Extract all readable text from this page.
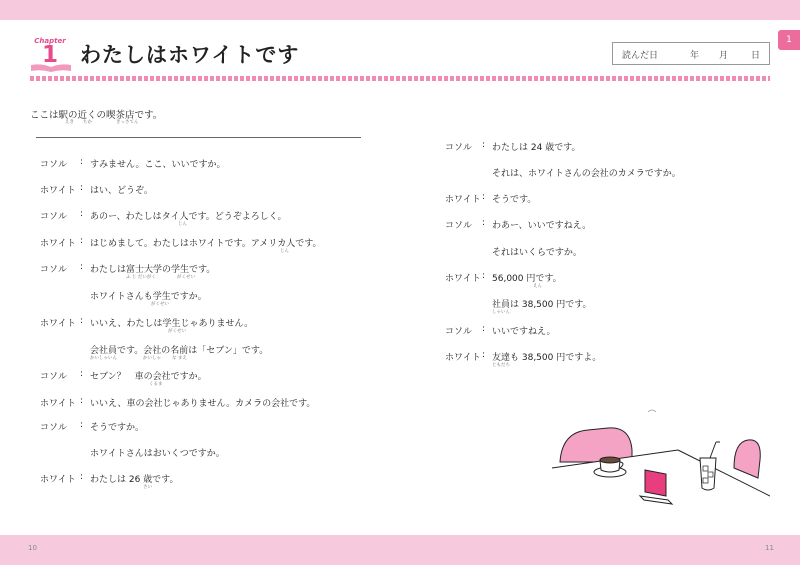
10	11
1
Chapter
1	わたしはホワイトです	読んだ日	年 月	日
ここは駅の近くの喫茶店です。
えき ちか	きっさてん
コソル : すみません。ここ、いいですか。
ホワイト : はい、どうぞ。
コソル : あのー、わたしはタイ人です。どうぞよろしく。
じん
ホワイト : はじめまして。わたしはホワイトです。アメリカ人です。
じん
コソル : わたしは富士大学の学生です。
ふ じ だいがく	がくせい
ホワイトさんも学生ですか。
がくせい
ホワイト : いいえ、わたしは学生じゃありません。
がくせい
会社員です。会社の名前は「セブン」です。
かいしゃいん	かいしゃ な まえ
コソル : セブン？　車の会社ですか。
くるま
ホワイト : いいえ、車の会社じゃありません。カメラの会社です。
コソル : そうですか。
ホワイトさんはおいくつですか。
ホワイト : わたしは 26 歳です。
さい
コソル : わたしは 24 歳です。
それは、ホワイトさんの会社のカメラですか。
ホワイト : そうです。
コソル : わあー、いいですねえ。
それはいくらですか。
ホワイト : 56,000 円です。
えん
社員は 38,500 円です。
しゃいん
コソル : いいですねえ。
ホワイト : 友達も 38,500 円ですよ。
ともだち
